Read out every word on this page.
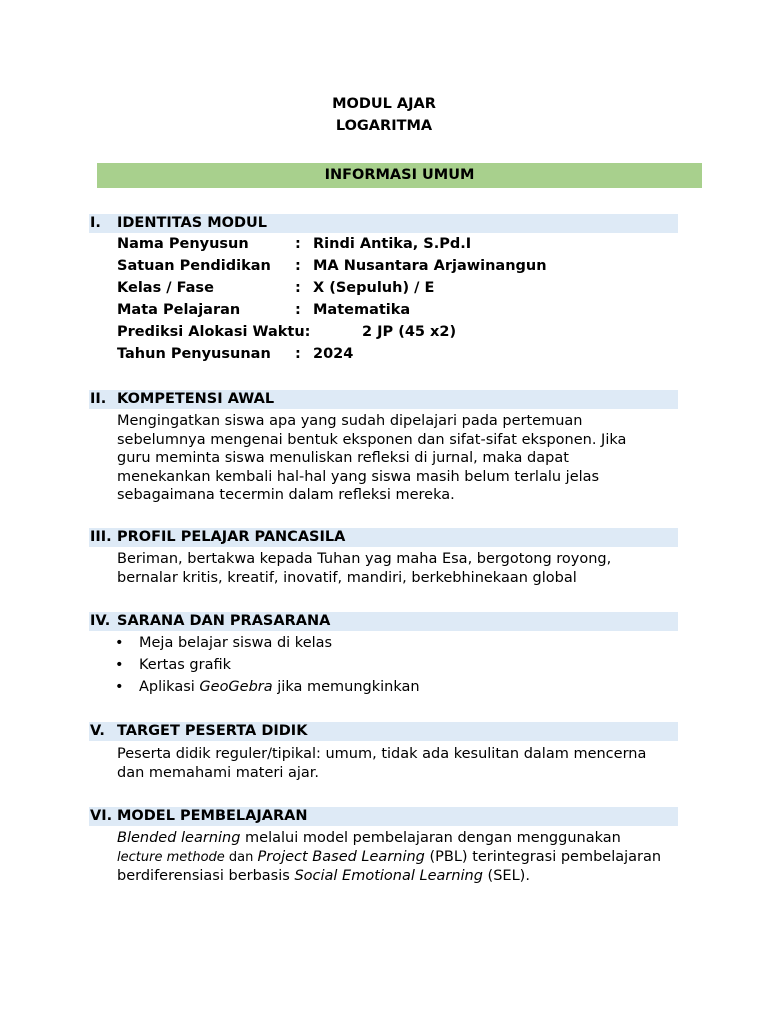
MODUL AJAR
LOGARITMA
INFORMASI UMUM
I. IDENTITAS MODUL
Nama Penyusun	: Rindi Antika, S.Pd.I
Satuan Pendidikan : MA Nusantara Arjawinangun
Kelas / Fase	: X (Sepuluh) / E
Mata Pelajaran	: Matematika
Prediksi Alokasi Waktu:	2 JP (45 x2)
Tahun Penyusunan : 2024
II. KOMPETENSI AWAL
Mengingatkan siswa apa yang sudah dipelajari pada pertemuan
sebelumnya mengenai bentuk eksponen dan sifat-sifat eksponen. Jika
guru meminta siswa menuliskan refleksi di jurnal, maka dapat
menekankan kembali hal-hal yang siswa masih belum terlalu jelas
sebagaimana tecermin dalam refleksi mereka.
III. PROFIL PELAJAR PANCASILA
Beriman, bertakwa kepada Tuhan yag maha Esa, bergotong royong,
bernalar kritis, kreatif, inovatif, mandiri, berkebhinekaan global
IV. SARANA DAN PRASARANA
• Meja belajar siswa di kelas
• Kertas grafik
• Aplikasi GeoGebra jika memungkinkan
V. TARGET PESERTA DIDIK
Peserta didik reguler/tipikal: umum, tidak ada kesulitan dalam mencerna
dan memahami materi ajar.
VI. MODEL PEMBELAJARAN
Blended learning melalui model pembelajaran dengan menggunakan
lecture methode dan Project Based Learning (PBL) terintegrasi pembelajaran
berdiferensiasi berbasis Social Emotional Learning (SEL).
